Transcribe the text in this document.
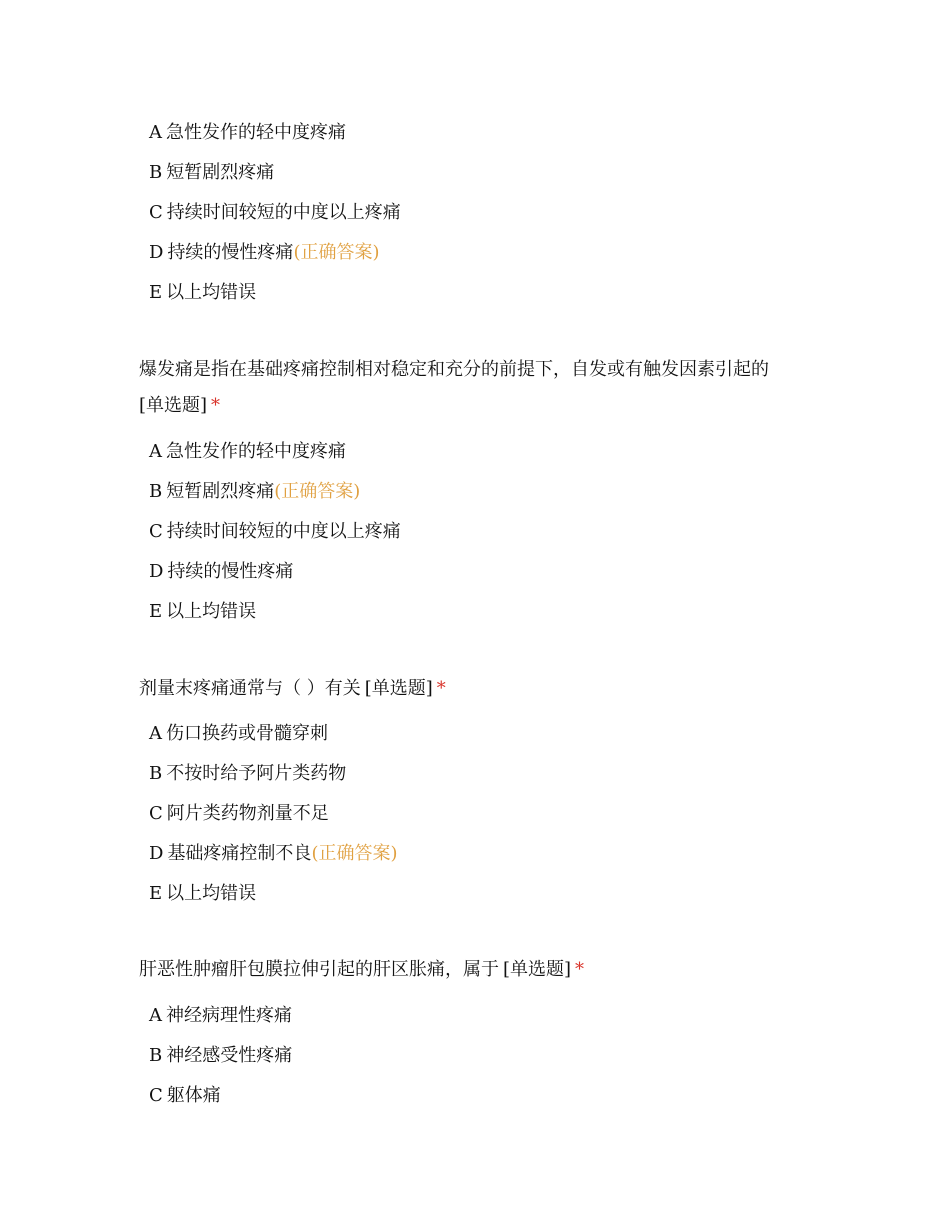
A 急性发作的轻中度疼痛
B 短暂剧烈疼痛
C 持续时间较短的中度以上疼痛
D 持续的慢性疼痛(正确答案)
E 以上均错误

爆发痛是指在基础疼痛控制相对稳定和充分的前提下，自发或有触发因素引起的
[单选题] *

A 急性发作的轻中度疼痛
B 短暂剧烈疼痛(正确答案)
C 持续时间较短的中度以上疼痛
D 持续的慢性疼痛
E 以上均错误

剂量末疼痛通常与（ ）有关 [单选题] *

A 伤口换药或骨髓穿刺
B 不按时给予阿片类药物
C 阿片类药物剂量不足
D 基础疼痛控制不良(正确答案)
E 以上均错误

肝恶性肿瘤肝包膜拉伸引起的肝区胀痛，属于 [单选题] *

A 神经病理性疼痛
B 神经感受性疼痛
C 躯体痛
